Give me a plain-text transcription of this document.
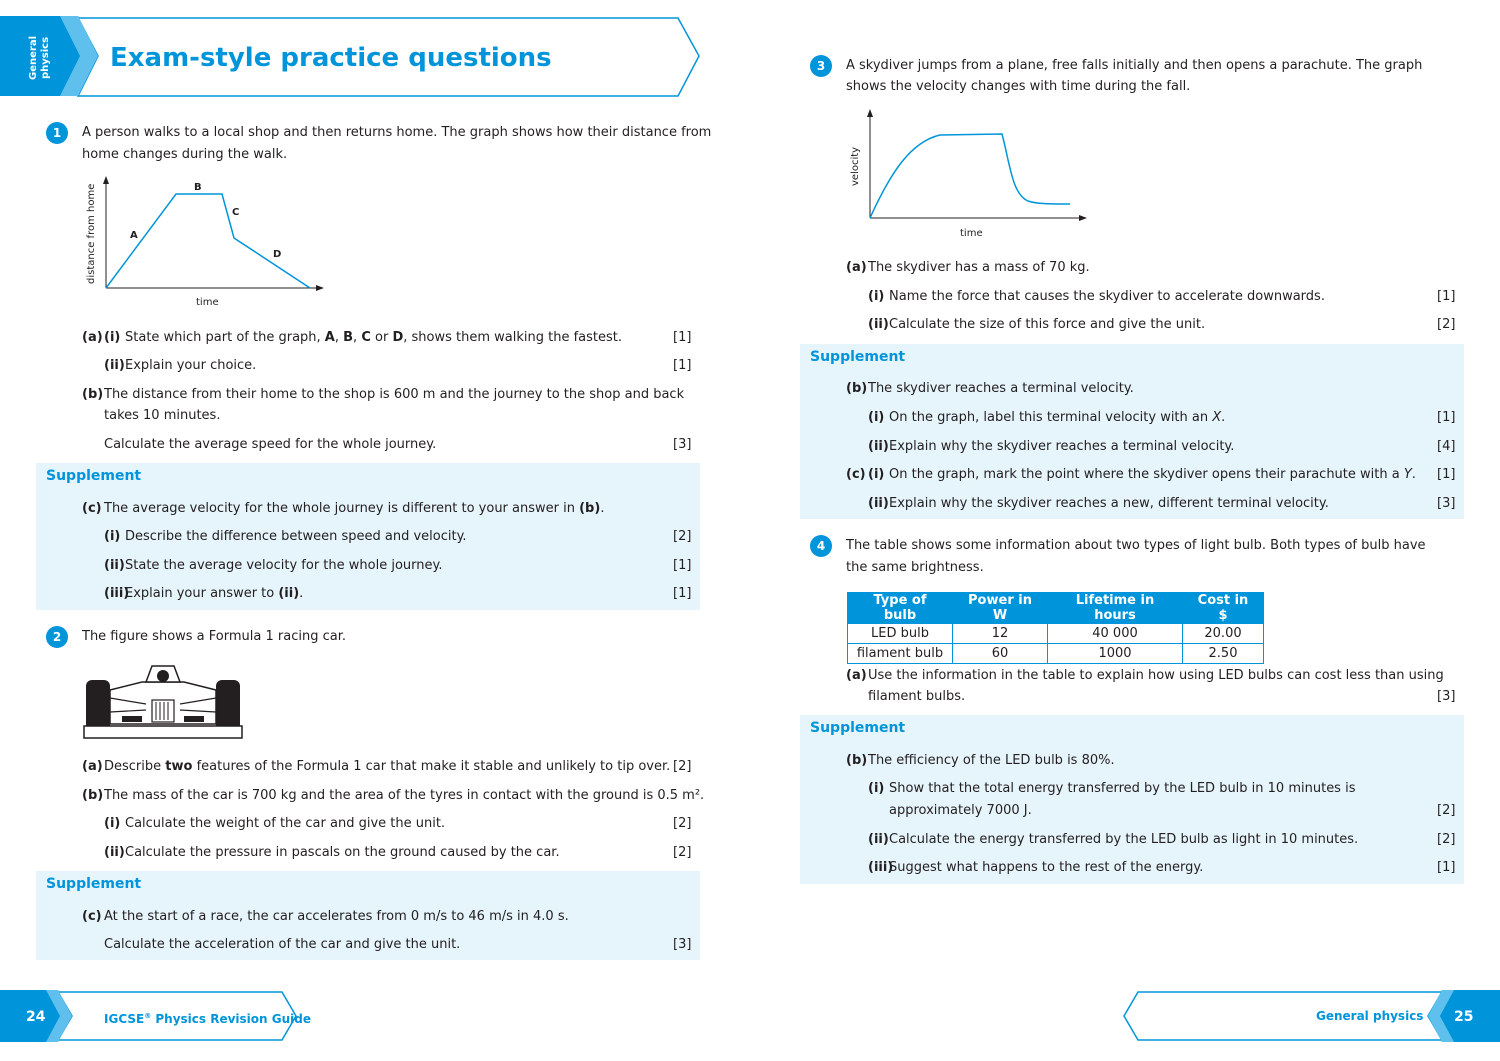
General physics Exam-style practice questions
1	A person walks to a local shop and then returns home. The graph shows how their distance from
home changes during the walk.
distance from home
time
A
B
C
D
(a) (i) State which part of the graph, A, B, C or D, shows them walking the fastest.	[1]
(ii) Explain your choice.	[1]
(b) The distance from their home to the shop is 600 m and the journey to the shop and back
takes 10 minutes.
Calculate the average speed for the whole journey.	[3]
Supplement
(c) The average velocity for the whole journey is different to your answer in (b).
(i) Describe the difference between speed and velocity.	[2]
(ii) State the average velocity for the whole journey.	[1]
(iii)
Explain your answer to (ii).	[1]
2	The figure shows a Formula 1 racing car.
(a) Describe two features of the Formula 1 car that make it stable and unlikely to tip over. [2]
(b) The mass of the car is 700 kg and the area of the tyres in contact with the ground is 0.5 m².
(i) Calculate the weight of the car and give the unit.	[2]
(ii) Calculate the pressure in pascals on the ground caused by the car.	[2]
Supplement
(c) At the start of a race, the car accelerates from 0 m/s to 46 m/s in 4.0 s.
Calculate the acceleration of the car and give the unit.	[3]
3	A skydiver jumps from a plane, free falls initially and then opens a parachute. The graph
shows the velocity changes with time during the fall.
velocity
time
(a) The skydiver has a mass of 70 kg.
(i) Name the force that causes the skydiver to accelerate downwards.	[1]
(ii) Calculate the size of this force and give the unit.	[2]
Supplement
(b) The skydiver reaches a terminal velocity.
(i) On the graph, label this terminal velocity with an X.	[1]
(ii) Explain why the skydiver reaches a terminal velocity.	[4]
(c) (i) On the graph, mark the point where the skydiver opens their parachute with a Y. [1]
(ii) Explain why the skydiver reaches a new, different terminal velocity.	[3]
4	The table shows some information about two types of light bulb. Both types of bulb have
the same brightness.
Type of bulb	Power in W	Lifetime in hours	Cost in $
LED bulb	12	40 000	20.00
filament bulb	60	1000	2.50
(a) Use the information in the table to explain how using LED bulbs can cost less than using
filament bulbs.	[3]
Supplement
(b) The efficiency of the LED bulb is 80%.
(i) Show that the total energy transferred by the LED bulb in 10 minutes is
approximately 7000 J.	[2]
(ii) Calculate the energy transferred by the LED bulb as light in 10 minutes.	[2]
(iii)
Suggest what happens to the rest of the energy.	[1]
24	IGCSE® Physics Revision Guide	General physics 25
